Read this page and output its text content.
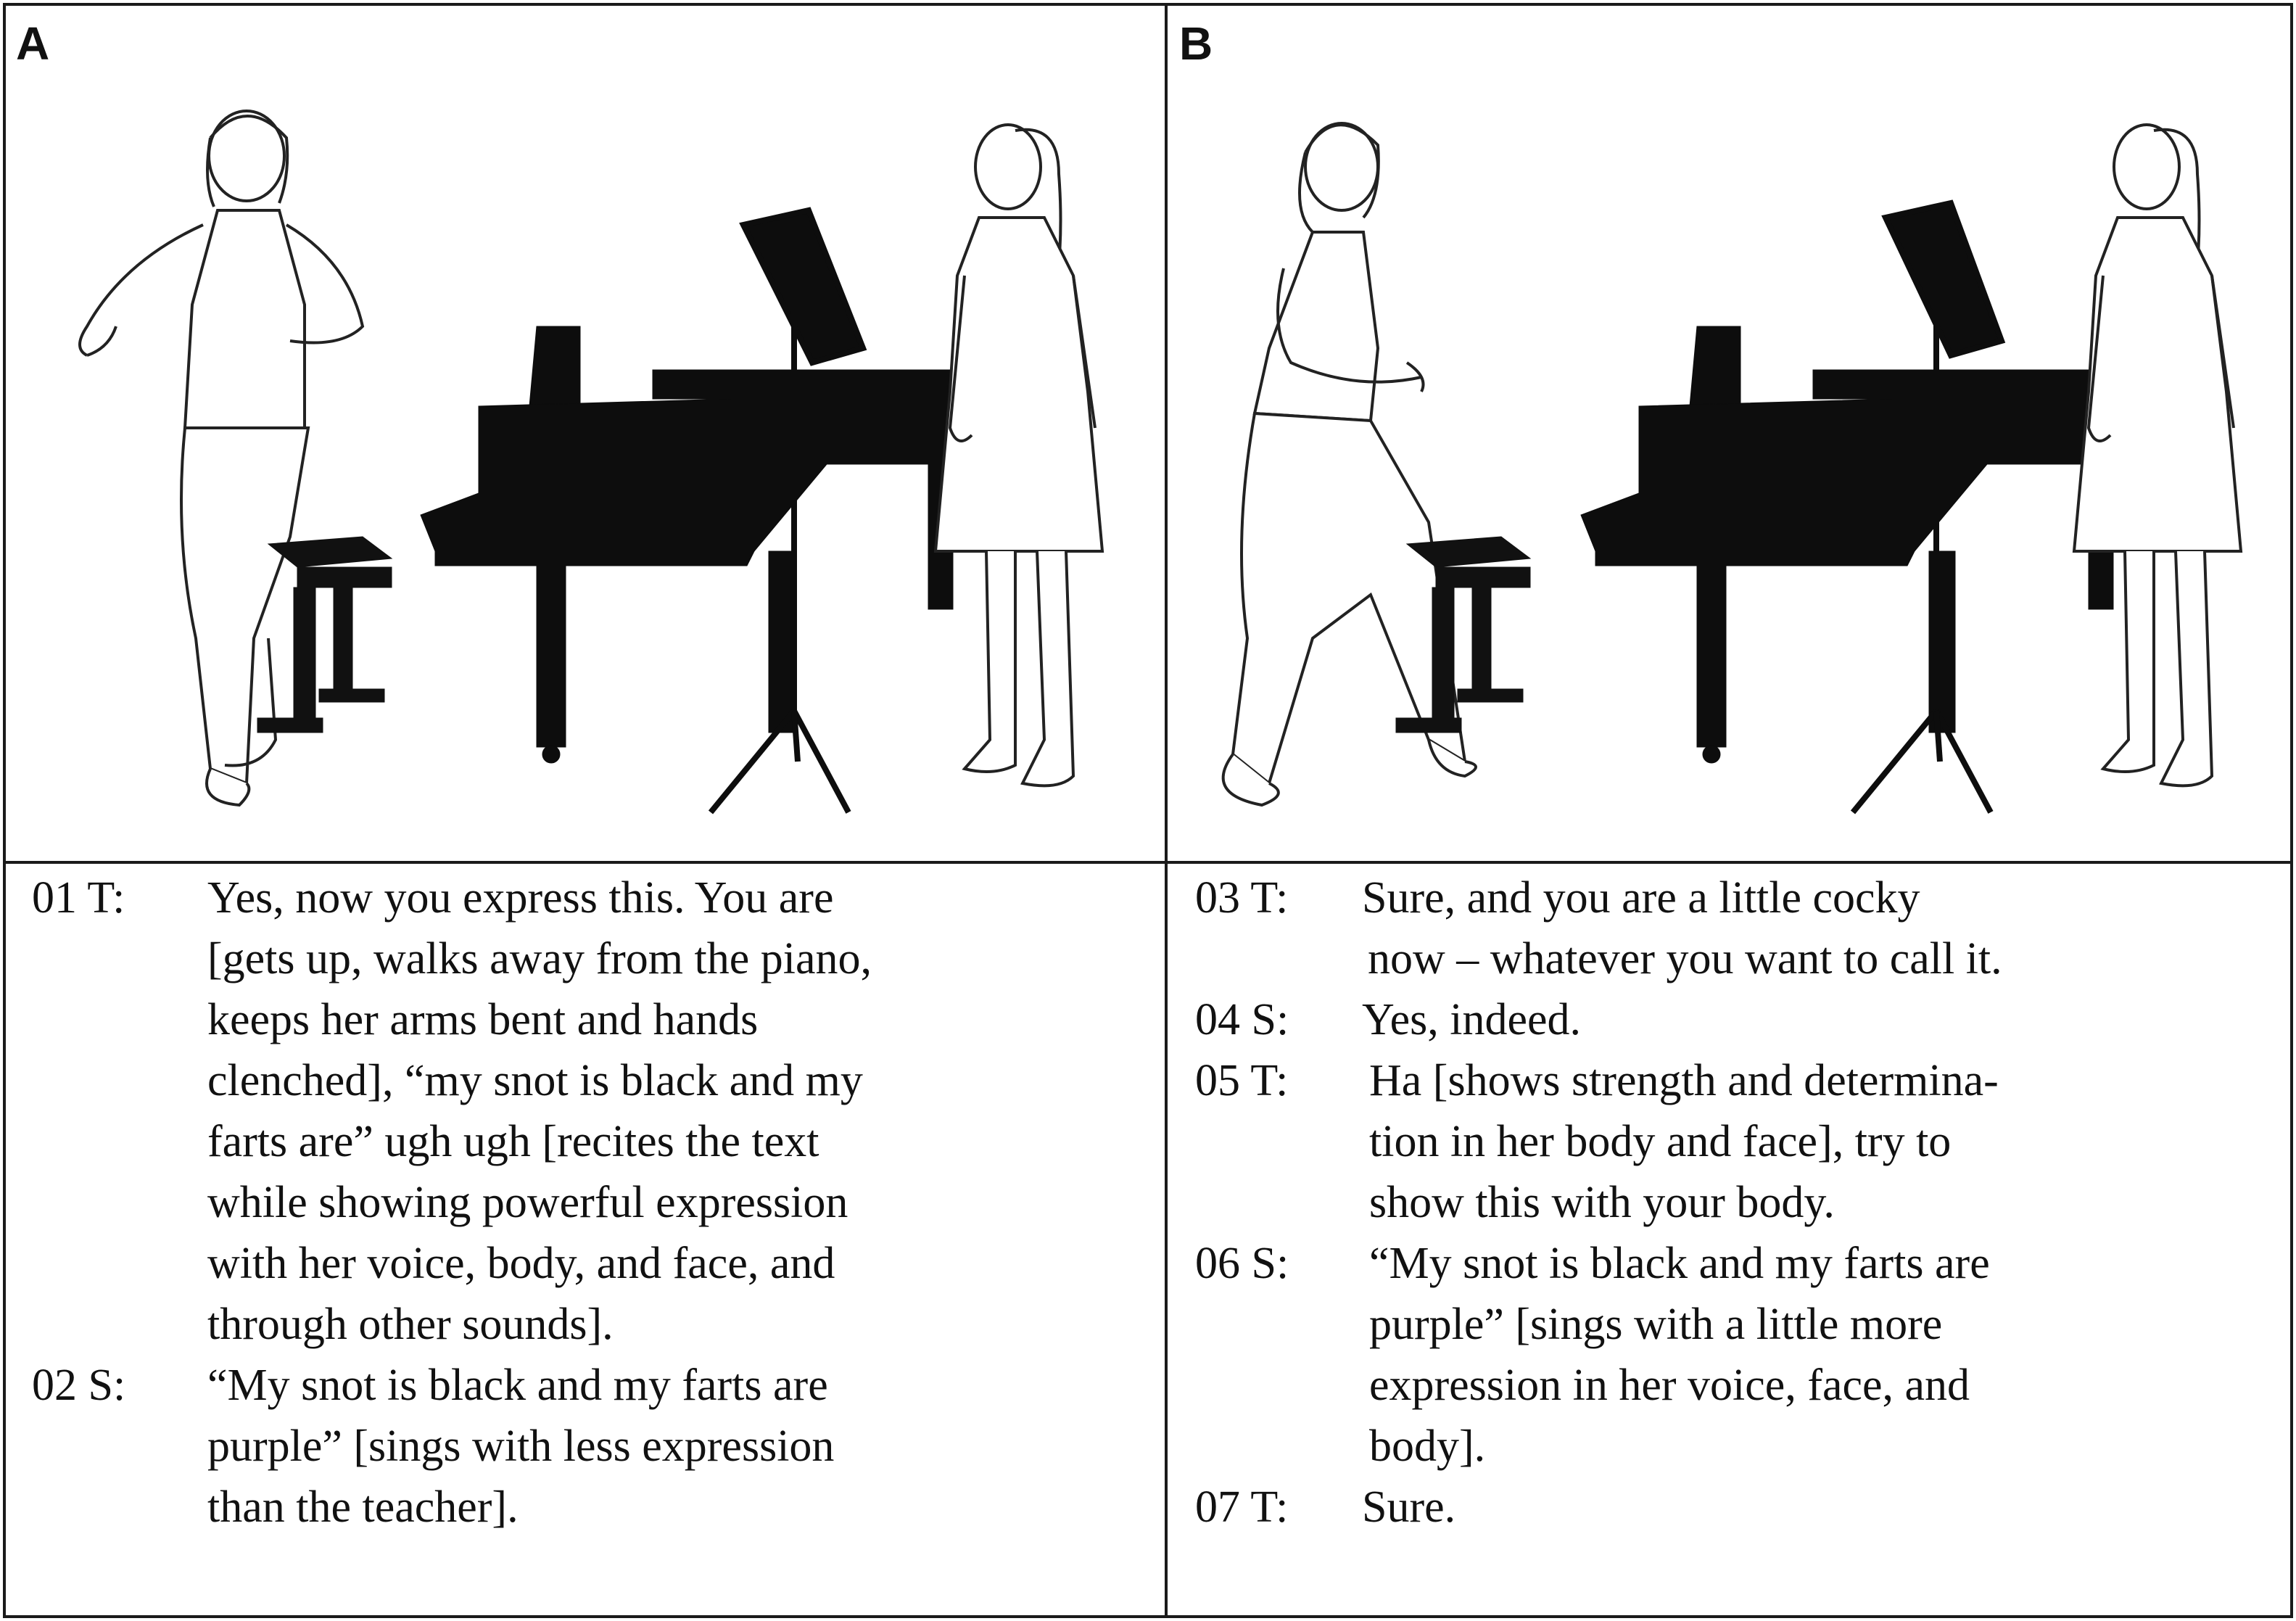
A	B
01 T:	Yes, now you express this. You are
[gets up, walks away from the piano,
keeps her arms bent and hands
clenched], “my snot is black and my
farts are” ugh ugh [recites the text
while showing powerful expression
with her voice, body, and face, and
through other sounds].
02 S:	“My snot is black and my farts are
purple” [sings with less expression
than the teacher].
03 T:	Sure, and you are a little cocky
now – whatever you want to call it.
04 S:	Yes, indeed.
05 T:	Ha [shows strength and determina-
tion in her body and face], try to
show this with your body.
06 S:	“My snot is black and my farts are
purple” [sings with a little more
expression in her voice, face, and
body].
07 T:	Sure.
